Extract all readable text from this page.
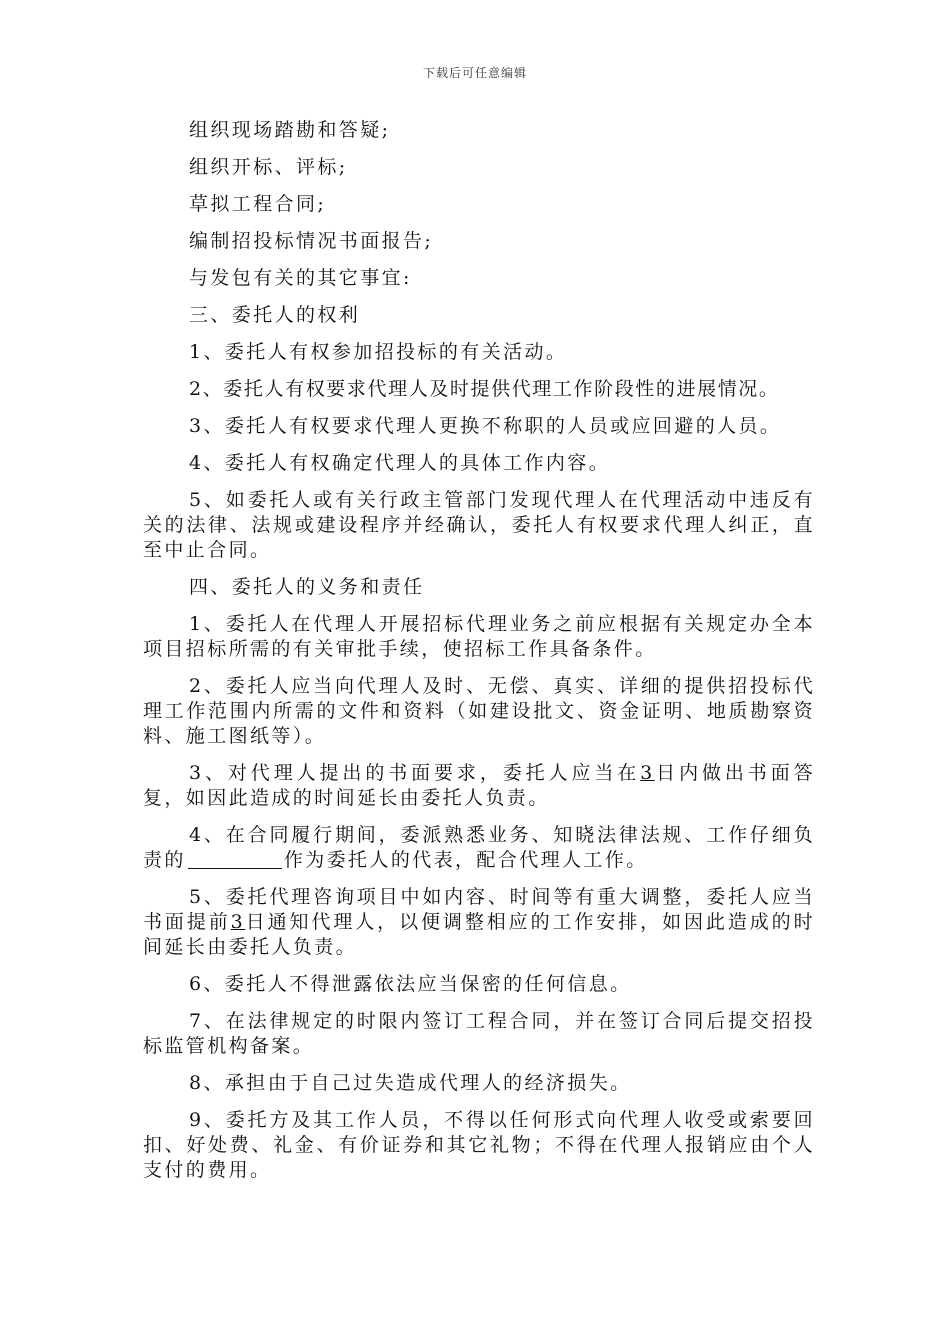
下载后可任意编辑

组织现场踏勘和答疑;

组织开标、评标;

草拟工程合同;

编制招投标情况书面报告;

与发包有关的其它事宜:

三、委托人的权利

1、委托人有权参加招投标的有关活动。

2、委托人有权要求代理人及时提供代理工作阶段性的进展情况。

3、委托人有权要求代理人更换不称职的人员或应回避的人员。

4、委托人有权确定代理人的具体工作内容。

5、如委托人或有关行政主管部门发现代理人在代理活动中违反有关的法律、法规或建设程序并经确认，委托人有权要求代理人纠正，直至中止合同。

四、委托人的义务和责任

1、委托人在代理人开展招标代理业务之前应根据有关规定办全本项目招标所需的有关审批手续，使招标工作具备条件。

2、委托人应当向代理人及时、无偿、真实、详细的提供招投标代理工作范围内所需的文件和资料（如建设批文、资金证明、地质勘察资料、施工图纸等）。

3、对代理人提出的书面要求，委托人应当在3日内做出书面答复，如因此造成的时间延长由委托人负责。

4、在合同履行期间，委派熟悉业务、知晓法律法规、工作仔细负责的	作为委托人的代表，配合代理人工作。

5、委托代理咨询项目中如内容、时间等有重大调整，委托人应当书面提前3日通知代理人，以便调整相应的工作安排，如因此造成的时间延长由委托人负责。

6、委托人不得泄露依法应当保密的任何信息。

7、在法律规定的时限内签订工程合同，并在签订合同后提交招投标监管机构备案。

8、承担由于自己过失造成代理人的经济损失。

9、委托方及其工作人员，不得以任何形式向代理人收受或索要回扣、好处费、礼金、有价证券和其它礼物；不得在代理人报销应由个人支付的费用。
